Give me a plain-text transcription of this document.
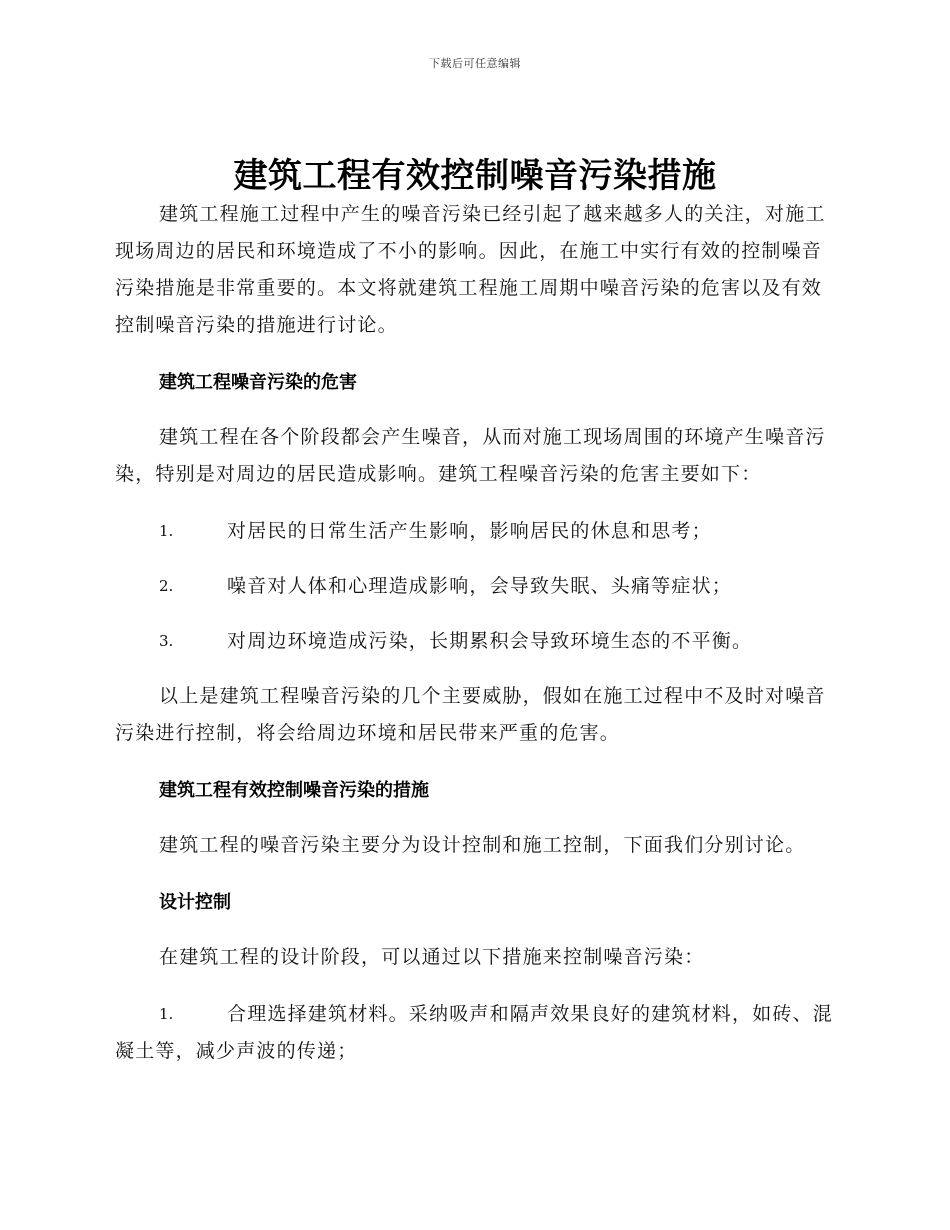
下载后可任意编辑
建筑工程有效控制噪音污染措施

建筑工程施工过程中产生的噪音污染已经引起了越来越多人的关注，对施工现场周边的居民和环境造成了不小的影响。因此，在施工中实行有效的控制噪音污染措施是非常重要的。本文将就建筑工程施工周期中噪音污染的危害以及有效控制噪音污染的措施进行讨论。

建筑工程噪音污染的危害

建筑工程在各个阶段都会产生噪音，从而对施工现场周围的环境产生噪音污染，特别是对周边的居民造成影响。建筑工程噪音污染的危害主要如下：

1.	对居民的日常生活产生影响，影响居民的休息和思考；

2.	噪音对人体和心理造成影响，会导致失眠、头痛等症状；

3.	对周边环境造成污染，长期累积会导致环境生态的不平衡。

以上是建筑工程噪音污染的几个主要威胁，假如在施工过程中不及时对噪音污染进行控制，将会给周边环境和居民带来严重的危害。

建筑工程有效控制噪音污染的措施

建筑工程的噪音污染主要分为设计控制和施工控制，下面我们分别讨论。

设计控制

在建筑工程的设计阶段，可以通过以下措施来控制噪音污染：

1.	合理选择建筑材料。采纳吸声和隔声效果良好的建筑材料，如砖、混凝土等，减少声波的传递；
